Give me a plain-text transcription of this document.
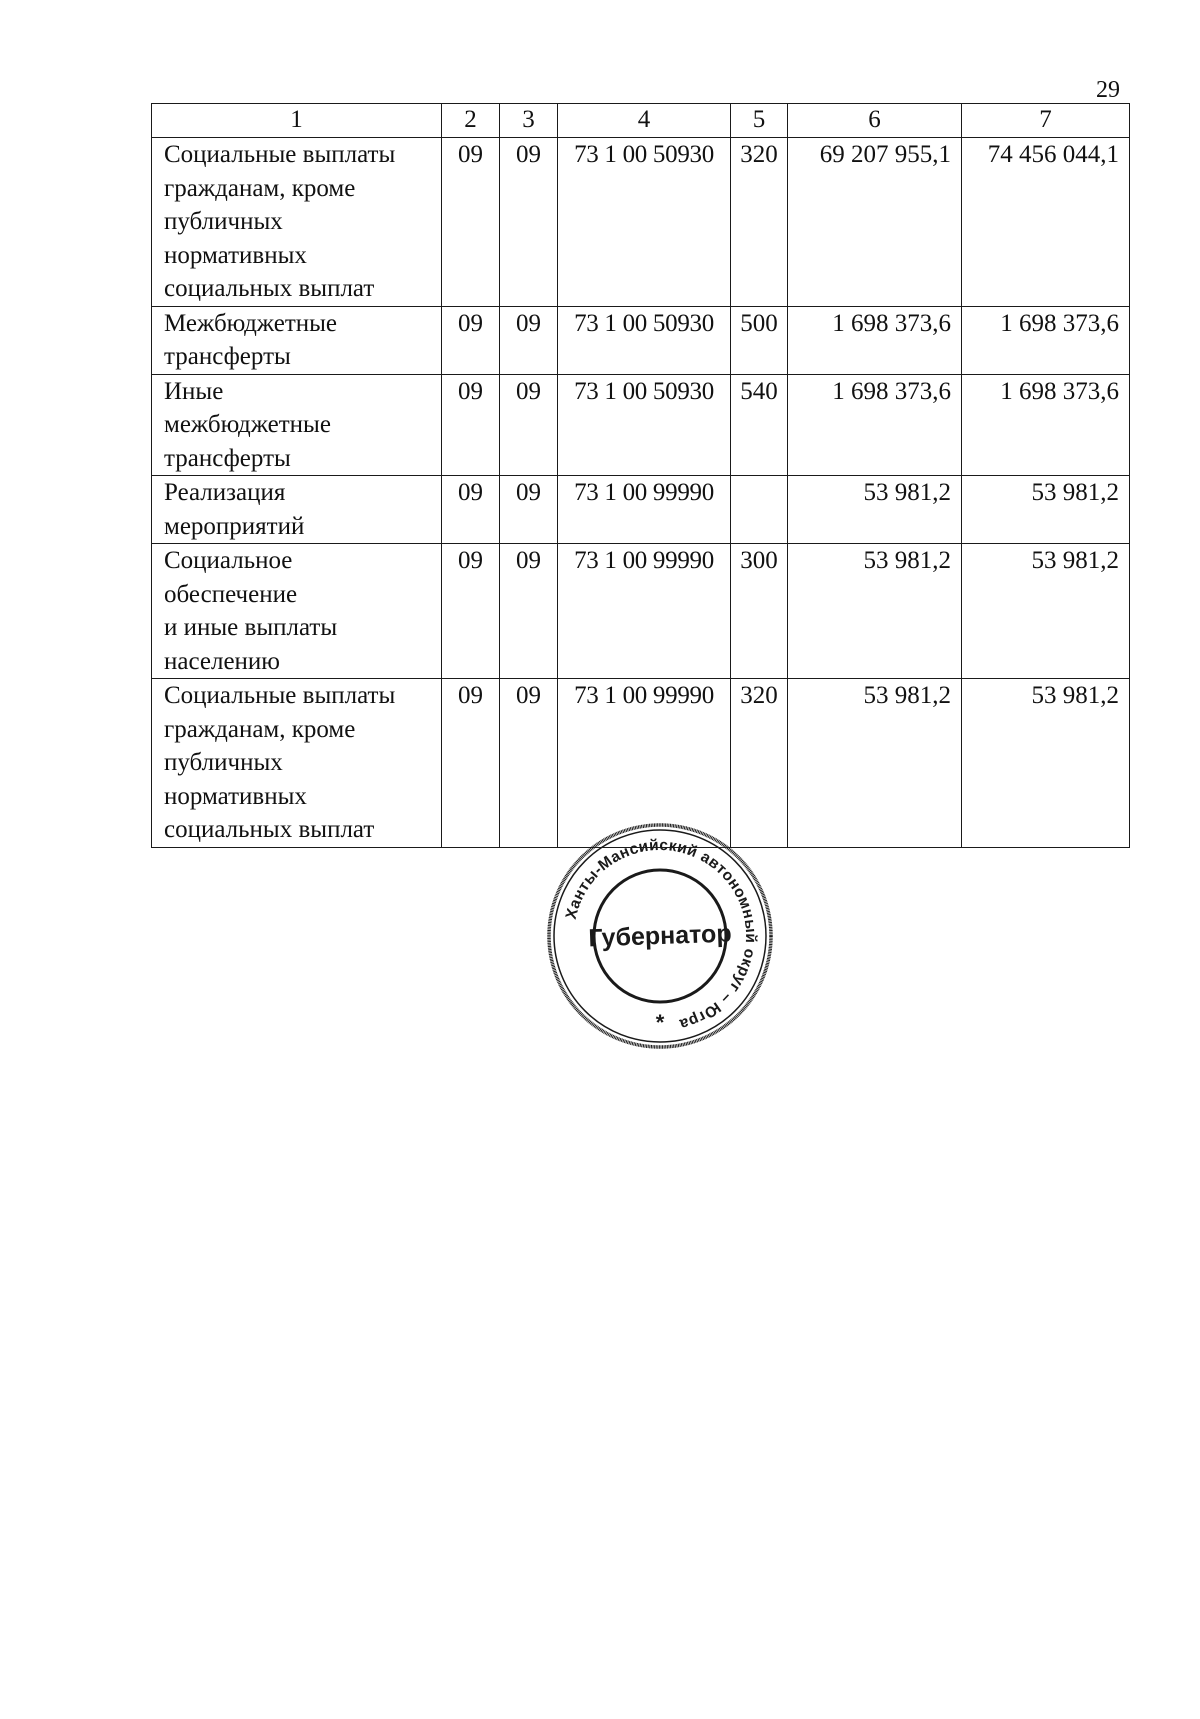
29
1	2	3	4	5	6	7

Социальные выплаты
гражданам, кроме
публичных
нормативных
социальных выплат	09	09	73 1 00 50930	320	69 207 955,1	74 456 044,1

Межбюджетные
трансферты	09	09	73 1 00 50930	500	1 698 373,6	1 698 373,6

Иные
межбюджетные
трансферты	09	09	73 1 00 50930	540	1 698 373,6	1 698 373,6

Реализация
мероприятий	09	09	73 1 00 99990		53 981,2	53 981,2

Социальное
обеспечение
и иные выплаты
населению	09	09	73 1 00 99990	300	53 981,2	53 981,2

Социальные выплаты
гражданам, кроме
публичных
нормативных
социальных выплат	09	09	73 1 00 99990	320	53 981,2	53 981,2
Ханты-Мансийский автономный округ – Югра
Губернатор
*
